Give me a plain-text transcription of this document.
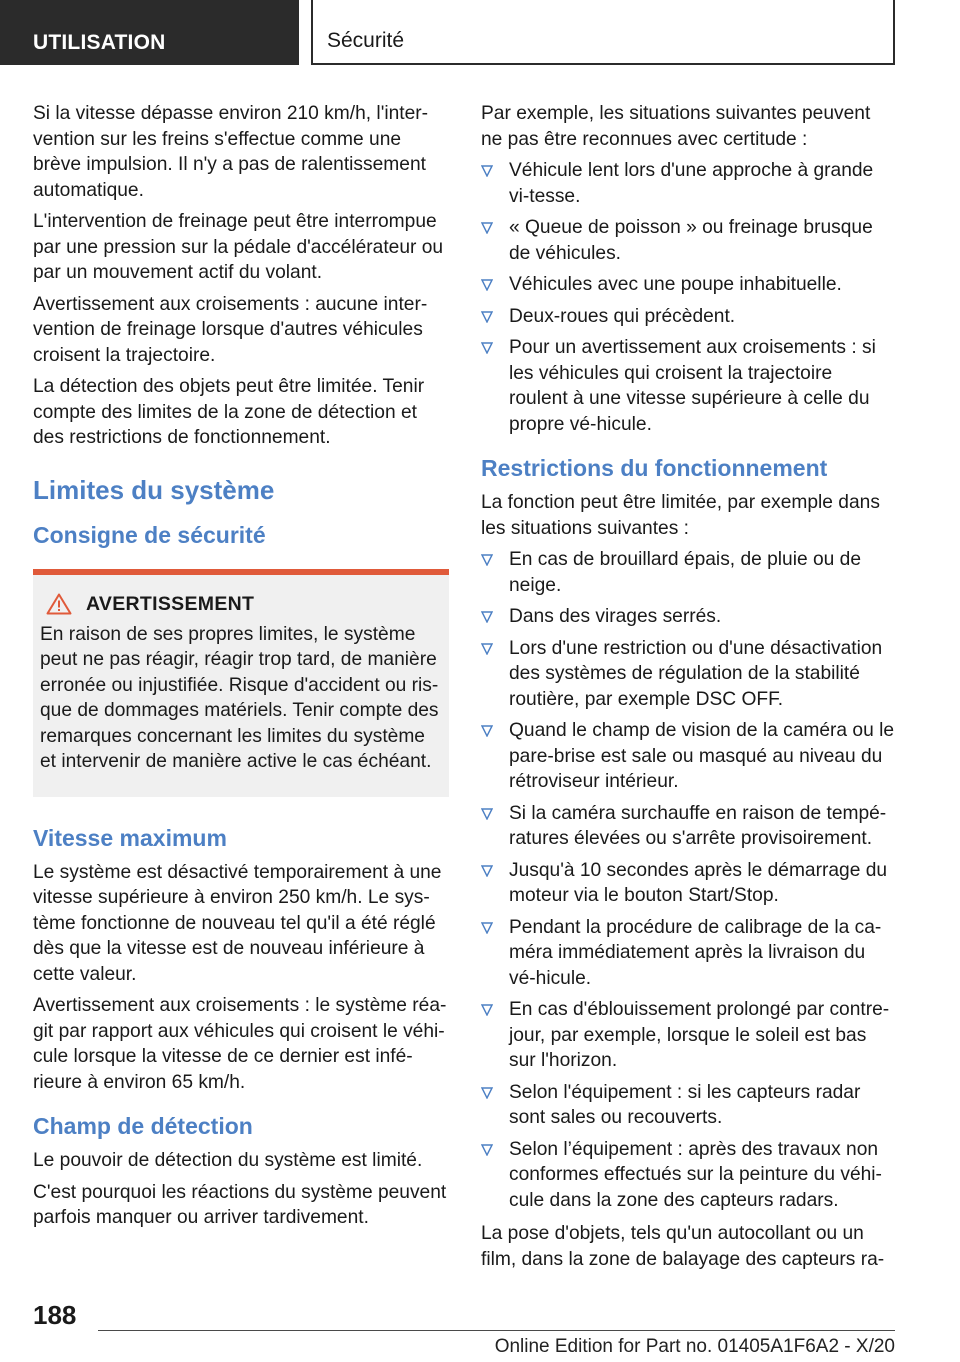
UTILISATION	Sécurité

Si la vitesse dépasse environ 210 km/h, l'inter-vention sur les freins s'effectue comme une brève impulsion. Il n'y a pas de ralentissement automatique.

L'intervention de freinage peut être interrompue par une pression sur la pédale d'accélérateur ou par un mouvement actif du volant.

Avertissement aux croisements : aucune inter-vention de freinage lorsque d'autres véhicules croisent la trajectoire.

La détection des objets peut être limitée. Tenir compte des limites de la zone de détection et des restrictions de fonctionnement.

Limites du système
Consigne de sécurité
AVERTISSEMENT

En raison de ses propres limites, le système peut ne pas réagir, réagir trop tard, de manière erronée ou injustifiée. Risque d'accident ou ris-que de dommages matériels. Tenir compte des remarques concernant les limites du système et intervenir de manière active le cas échéant.

Vitesse maximum

Le système est désactivé temporairement à une vitesse supérieure à environ 250 km/h. Le sys-tème fonctionne de nouveau tel qu'il a été réglé dès que la vitesse est de nouveau inférieure à cette valeur.

Avertissement aux croisements : le système réa-git par rapport aux véhicules qui croisent le véhi-cule lorsque la vitesse de ce dernier est infé-rieure à environ 65 km/h.

Champ de détection

Le pouvoir de détection du système est limité.

C'est pourquoi les réactions du système peuvent parfois manquer ou arriver tardivement.

Par exemple, les situations suivantes peuvent ne pas être reconnues avec certitude :

Véhicule lent lors d'une approche à grande vi-tesse.
« Queue de poisson » ou freinage brusque de véhicules.
Véhicules avec une poupe inhabituelle.
Deux-roues qui précèdent.
Pour un avertissement aux croisements : si les véhicules qui croisent la trajectoire roulent à une vitesse supérieure à celle du propre vé-hicule.
Restrictions du fonctionnement

La fonction peut être limitée, par exemple dans les situations suivantes :

En cas de brouillard épais, de pluie ou de neige.
Dans des virages serrés.
Lors d'une restriction ou d'une désactivation des systèmes de régulation de la stabilité routière, par exemple DSC OFF.
Quand le champ de vision de la caméra ou le pare-brise est sale ou masqué au niveau du rétroviseur intérieur.
Si la caméra surchauffe en raison de tempé-ratures élevées ou s'arrête provisoirement.
Jusqu'à 10 secondes après le démarrage du moteur via le bouton Start/Stop.
Pendant la procédure de calibrage de la ca-méra immédiatement après la livraison du vé-hicule.
En cas d'éblouissement prolongé par contre-jour, par exemple, lorsque le soleil est bas sur l'horizon.
Selon l'équipement : si les capteurs radar sont sales ou recouverts.
Selon l’équipement : après des travaux non conformes effectués sur la peinture du véhi-cule dans la zone des capteurs radars.

La pose d'objets, tels qu'un autocollant ou un film, dans la zone de balayage des capteurs ra-

188
Online Edition for Part no. 01405A1F6A2 - X/20
